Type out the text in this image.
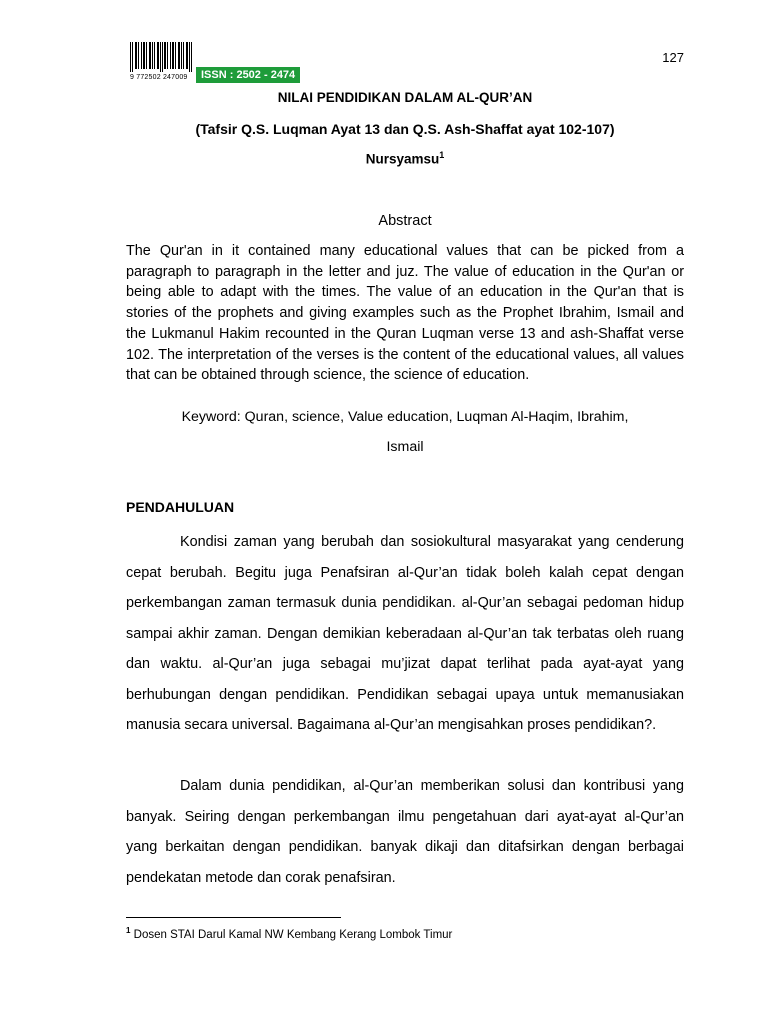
127
9 772502 247009	ISSN : 2502 - 2474
NILAI PENDIDIKAN DALAM AL-QUR’AN
(Tafsir Q.S. Luqman Ayat 13 dan Q.S. Ash-Shaffat ayat 102-107)
Nursyamsu$^1$
Abstract
The Qur'an in it contained many educational values that can be picked from a paragraph to paragraph in the letter and juz. The value of education in the Qur'an or being able to adapt with the times. The value of an education in the Qur'an that is stories of the prophets and giving examples such as the Prophet Ibrahim, Ismail and the Lukmanul Hakim recounted in the Quran Luqman verse 13 and ash-Shaffat verse 102. The interpretation of the verses is the content of the educational values, all values that can be obtained through science, the science of education.
Keyword: Quran, science, Value education, Luqman Al-Haqim, Ibrahim,
Ismail
PENDAHULUAN
Kondisi zaman yang berubah dan sosiokultural masyarakat yang cenderung cepat berubah. Begitu juga Penafsiran al-Qur’an tidak boleh kalah cepat dengan perkembangan zaman termasuk dunia pendidikan. al-Qur’an sebagai pedoman hidup sampai akhir zaman. Dengan demikian keberadaan al-Qur’an tak terbatas oleh ruang dan waktu. al-Qur’an juga sebagai mu’jizat dapat terlihat pada ayat-ayat yang berhubungan dengan pendidikan. Pendidikan sebagai upaya untuk memanusiakan manusia secara universal. Bagaimana al-Qur’an mengisahkan proses pendidikan?.
Dalam dunia pendidikan, al-Qur’an memberikan solusi dan kontribusi yang banyak. Seiring dengan perkembangan ilmu pengetahuan dari ayat-ayat al-Qur’an yang berkaitan dengan pendidikan. banyak dikaji dan ditafsirkan dengan berbagai pendekatan metode dan corak penafsiran.
$^1$ Dosen STAI Darul Kamal NW Kembang Kerang Lombok Timur
